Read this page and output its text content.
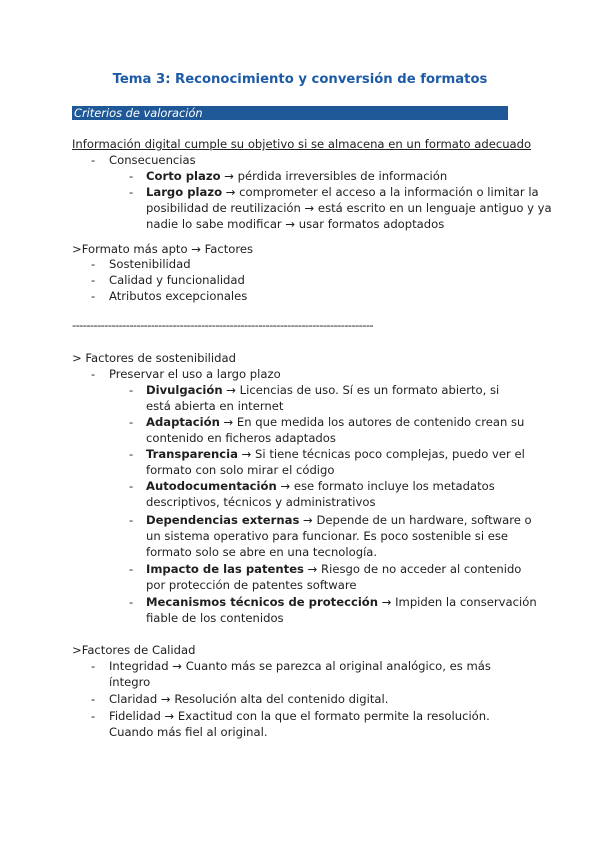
Tema 3: Reconocimiento y conversión de formatos
Criterios de valoración
Información digital cumple su objetivo si se almacena en un formato adecuado
- Consecuencias
- Corto plazo → pérdida irreversibles de información
- Largo plazo → comprometer el acceso a la información o limitar la
posibilidad de reutilización → está escrito en un lenguaje antiguo y ya
nadie lo sabe modificar → usar formatos adoptados
>Formato más apto → Factores
- Sostenibilidad
- Calidad y funcionalidad
- Atributos excepcionales
------------------------------------------------------------------------------------
> Factores de sostenibilidad
- Preservar el uso a largo plazo
- Divulgación → Licencias de uso. Sí es un formato abierto, si
está abierta en internet
- Adaptación → En que medida los autores de contenido crean su
contenido en ficheros adaptados
- Transparencia → Si tiene técnicas poco complejas, puedo ver el
formato con solo mirar el código
- Autodocumentación → ese formato incluye los metadatos
descriptivos, técnicos y administrativos
- Dependencias externas → Depende de un hardware, software o
un sistema operativo para funcionar. Es poco sostenible si ese
formato solo se abre en una tecnología.
- Impacto de las patentes → Riesgo de no acceder al contenido
por protección de patentes software
- Mecanismos técnicos de protección → Impiden la conservación
fiable de los contenidos
>Factores de Calidad
- Integridad → Cuanto más se parezca al original analógico, es más
íntegro
- Claridad → Resolución alta del contenido digital.
- Fidelidad → Exactitud con la que el formato permite la resolución.
Cuando más fiel al original.
